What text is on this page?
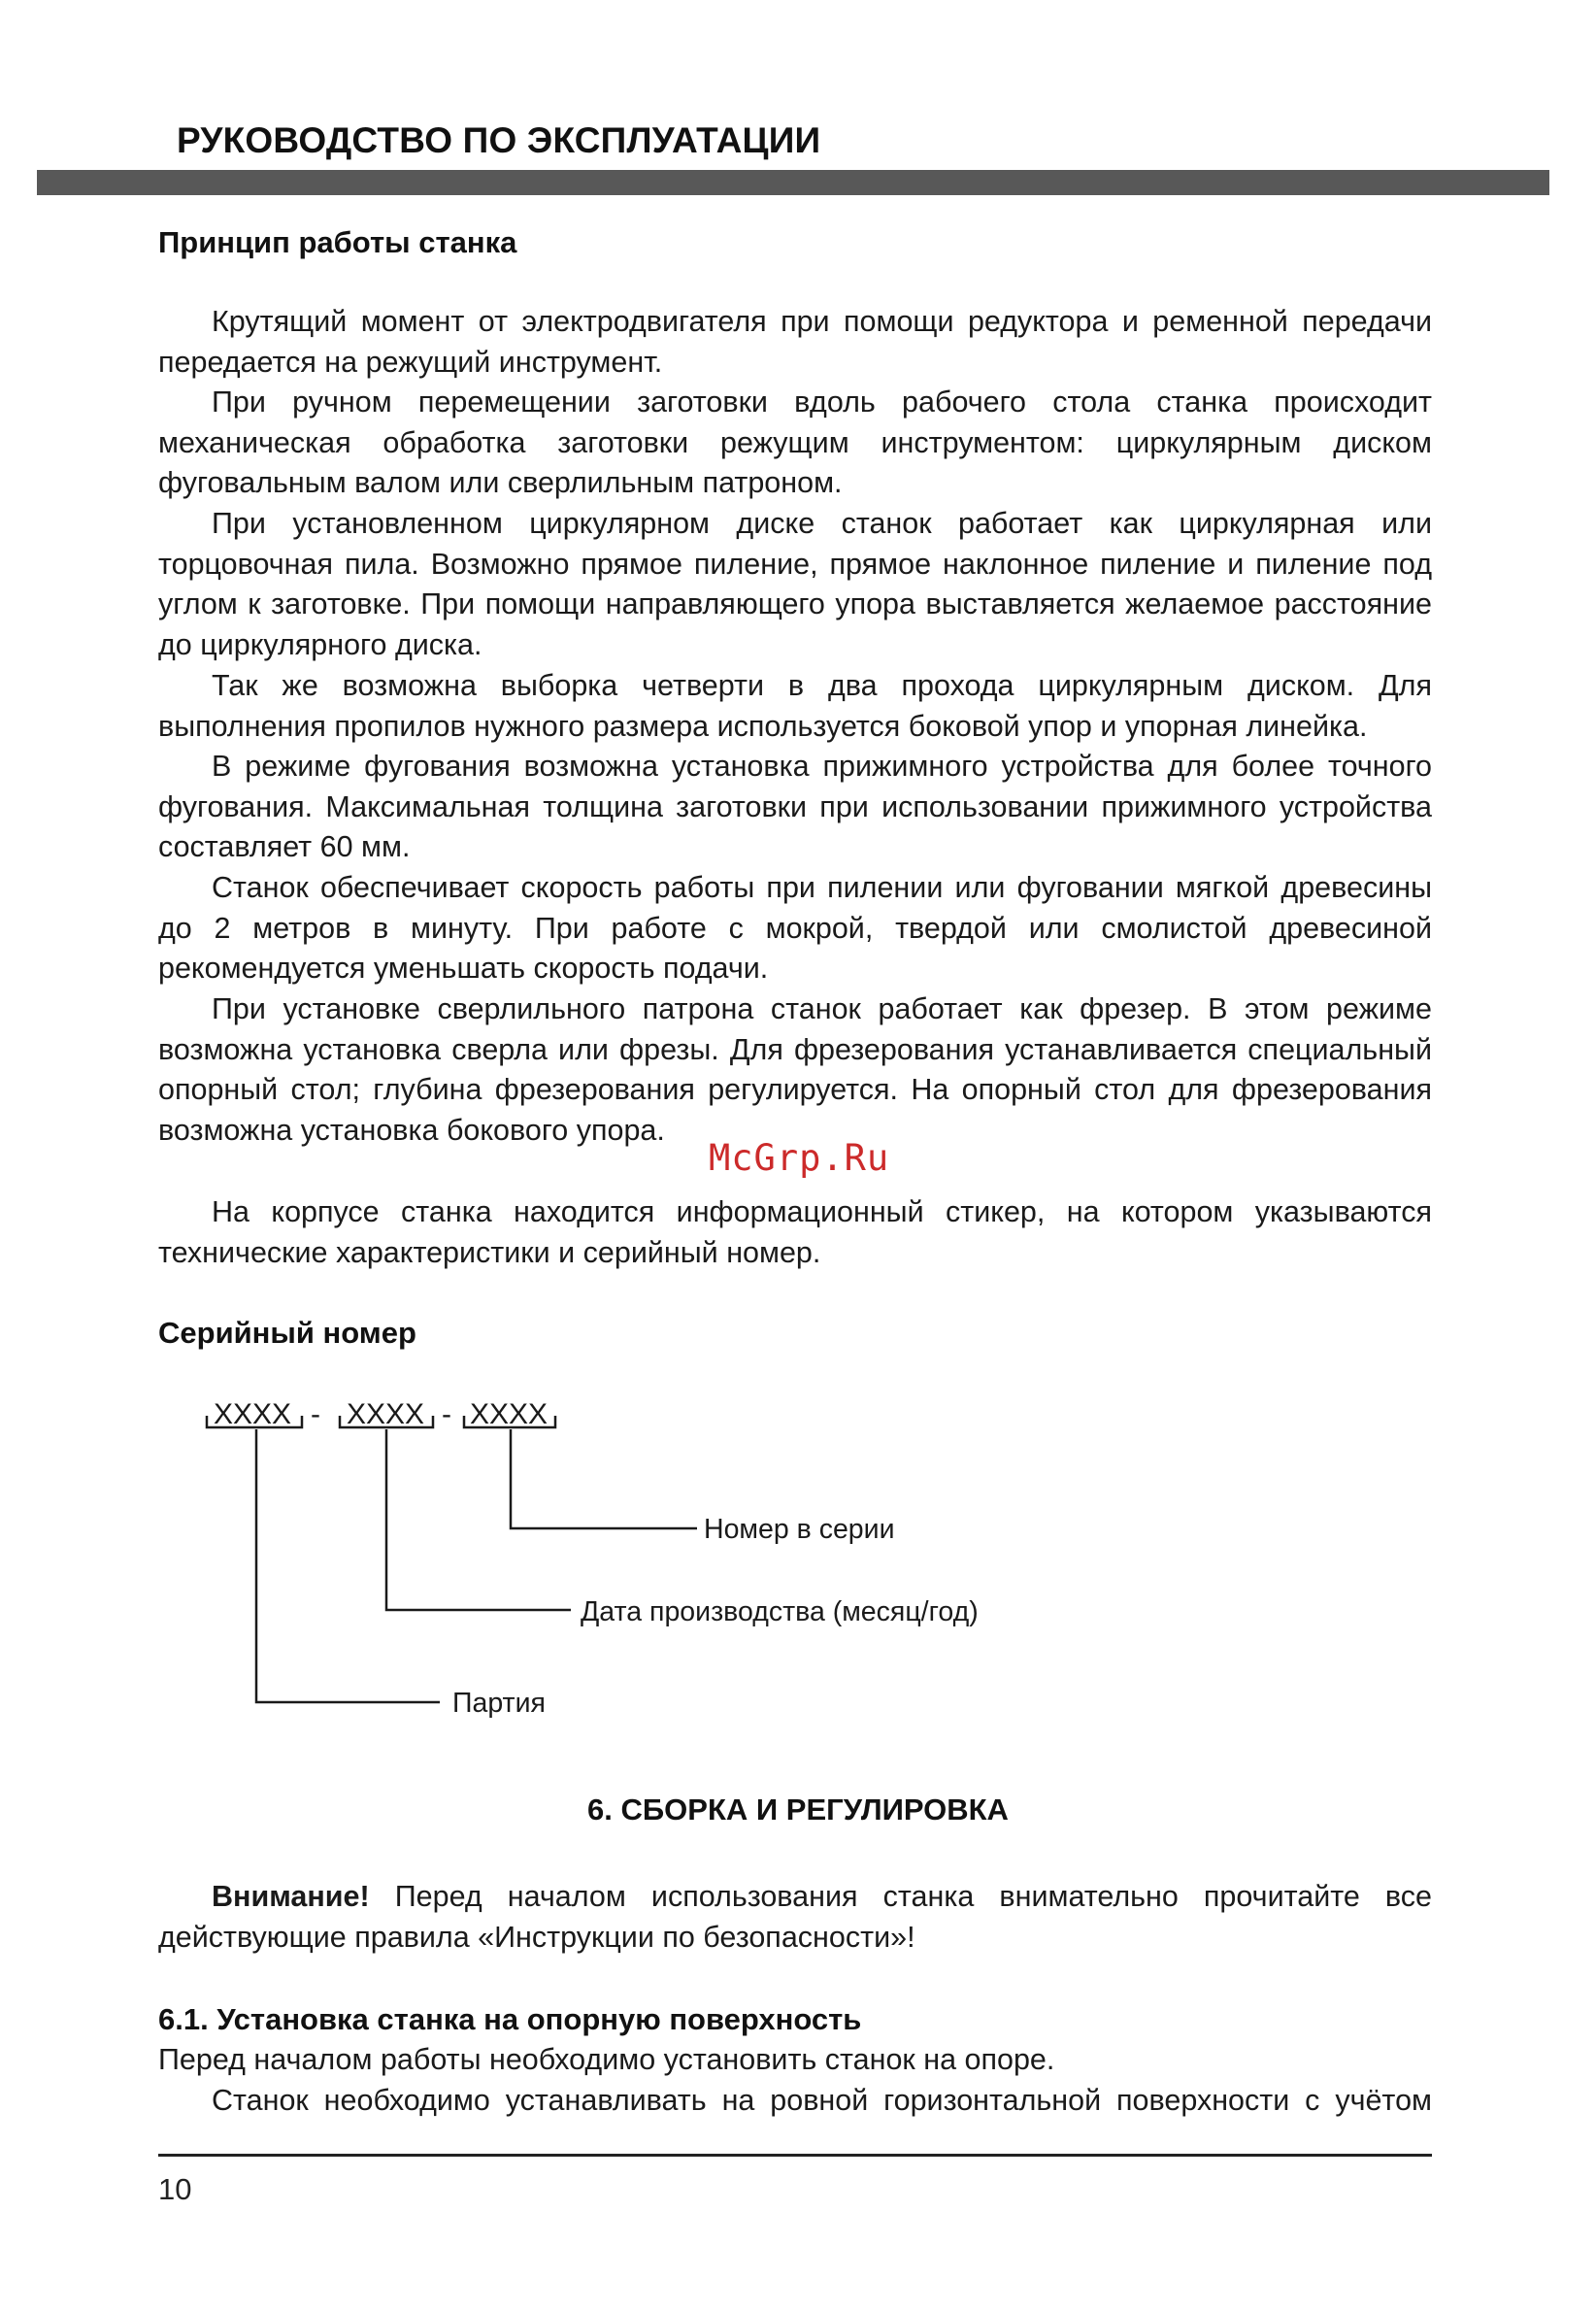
РУКОВОДСТВО ПО ЭКСПЛУАТАЦИИ
Принцип работы станка

Крутящий момент от электродвигателя при помощи редуктора и ременной передачи передается на режущий инструмент.

При ручном перемещении заготовки вдоль рабочего стола станка происходит механическая обработка заготовки режущим инструментом: циркулярным диском фуговальным валом или сверлильным патроном.

При установленном циркулярном диске станок работает как циркулярная или торцовочная пила. Возможно прямое пиление, прямое наклонное пиление и пиление под углом к заготовке. При помощи направляющего упора выставляется желаемое расстояние до циркулярного диска.

Так же возможна выборка четверти в два прохода циркулярным диском. Для выполнения пропилов нужного размера используется боковой упор и упорная линейка.

В режиме фугования возможна установка прижимного устройства для более точного фугования. Максимальная толщина заготовки при использовании прижимного устройства составляет 60 мм.

Станок обеспечивает скорость работы при пилении или фуговании мягкой древесины до 2 метров в минуту. При работе с мокрой, твердой или смолистой древесиной рекомендуется уменьшать скорость подачи.

При установке сверлильного патрона станок работает как фрезер. В этом режиме возможна установка сверла или фрезы. Для фрезерования устанавливается специальный опорный стол; глубина фрезерования регулируется. На опорный стол для фрезерования возможна установка бокового упора.

McGrp.Ru

На корпусе станка находится информационный стикер, на котором указываются технические характеристики и серийный номер.

Серийный номер
XXXX - XXXX - XXXX
Номер в серии
Дата производства (месяц/год)
Партия
6. СБОРКА И РЕГУЛИРОВКА

Внимание! Перед началом использования станка внимательно прочитайте все действующие правила «Инструкции по безопасности»!

6.1. Установка станка на опорную поверхность

Перед началом работы необходимо установить станок на опоре.

Станок необходимо устанавливать на ровной горизонтальной поверхности с учётом

10
